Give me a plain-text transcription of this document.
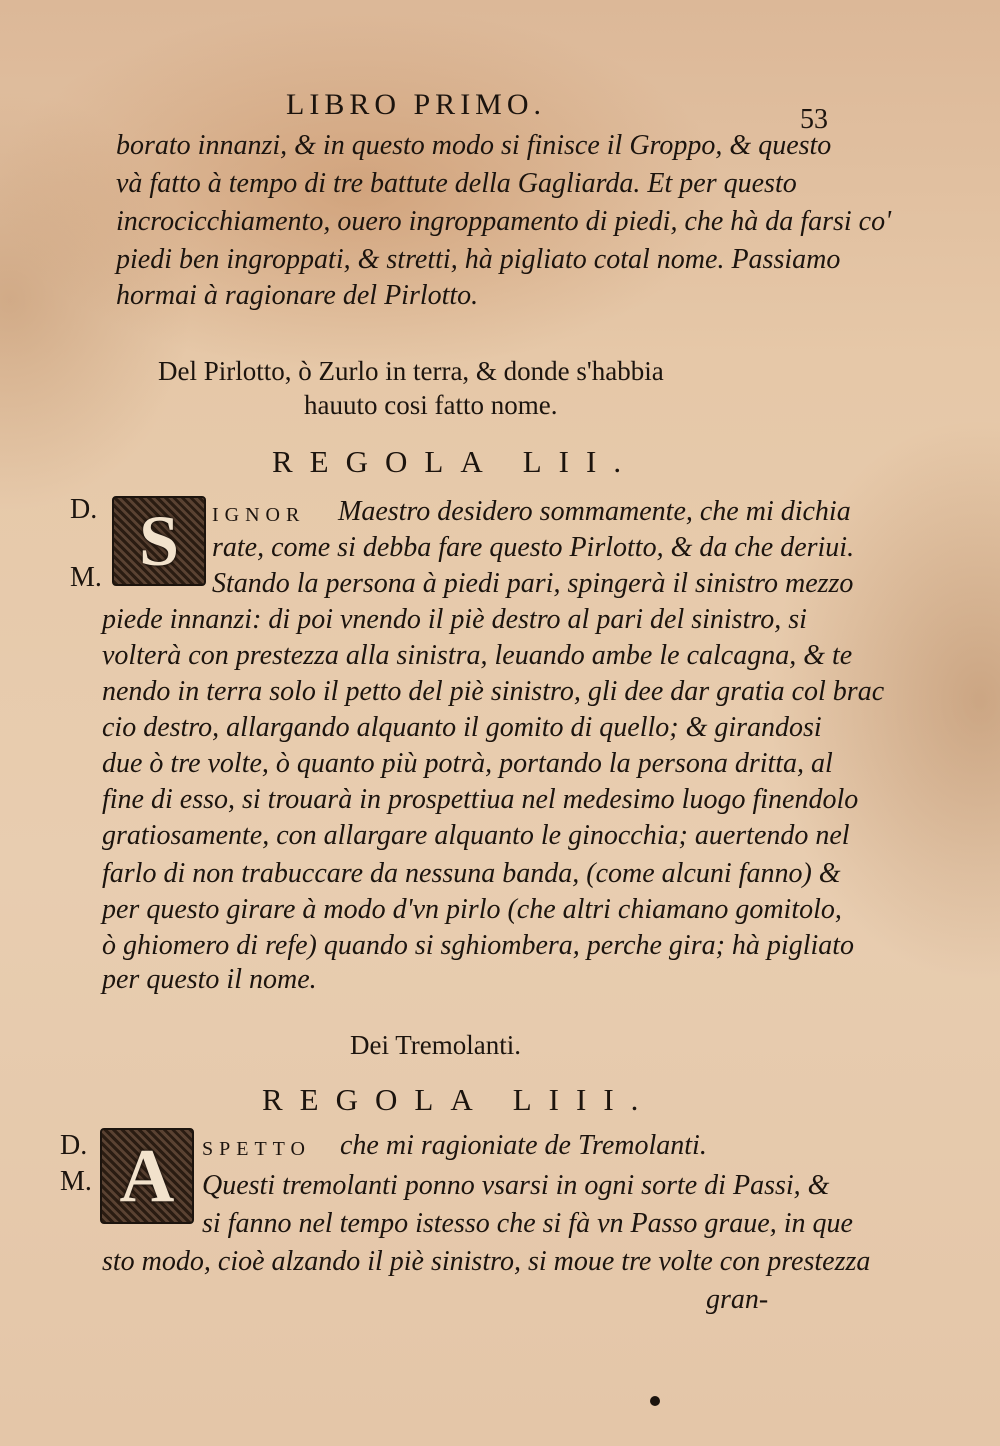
LIBRO PRIMO.	53
borato innanzi, & in questo modo si finisce il Groppo, & questo
và fatto à tempo di tre battute della Gagliarda. Et per questo
incrocicchiamento, ouero ingroppamento di piedi, che hà da farsi co'
piedi ben ingroppati, & stretti, hà pigliato cotal nome. Passiamo
hormai à ragionare del Pirlotto.
Del Pirlotto, ò Zurlo in terra, & donde s'habbia
hauuto cosi fatto nome.
REGOLA LII.
D.
M. S	IGNOR Maestro desidero sommamente, che mi dichia
rate, come si debba fare questo Pirlotto, & da che deriui.
Stando la persona à piedi pari, spingerà il sinistro mezzo
piede innanzi: di poi vnendo il piè destro al pari del sinistro, si
volterà con prestezza alla sinistra, leuando ambe le calcagna, & te
nendo in terra solo il petto del piè sinistro, gli dee dar gratia col brac
cio destro, allargando alquanto il gomito di quello; & girandosi
due ò tre volte, ò quanto più potrà, portando la persona dritta, al
fine di esso, si trouarà in prospettiua nel medesimo luogo finendolo
gratiosamente, con allargare alquanto le ginocchia; auertendo nel
farlo di non trabuccare da nessuna banda, (come alcuni fanno) &
per questo girare à modo d'vn pirlo (che altri chiamano gomitolo,
ò ghiomero di refe) quando si sghiombera, perche gira; hà pigliato
per questo il nome.
Dei Tremolanti.
REGOLA LIII.
D.
M. A	SPETTO che mi ragioniate de Tremolanti.
Questi tremolanti ponno vsarsi in ogni sorte di Passi, &
si fanno nel tempo istesso che si fà vn Passo graue, in que
sto modo, cioè alzando il piè sinistro, si moue tre volte con prestezza
gran-
